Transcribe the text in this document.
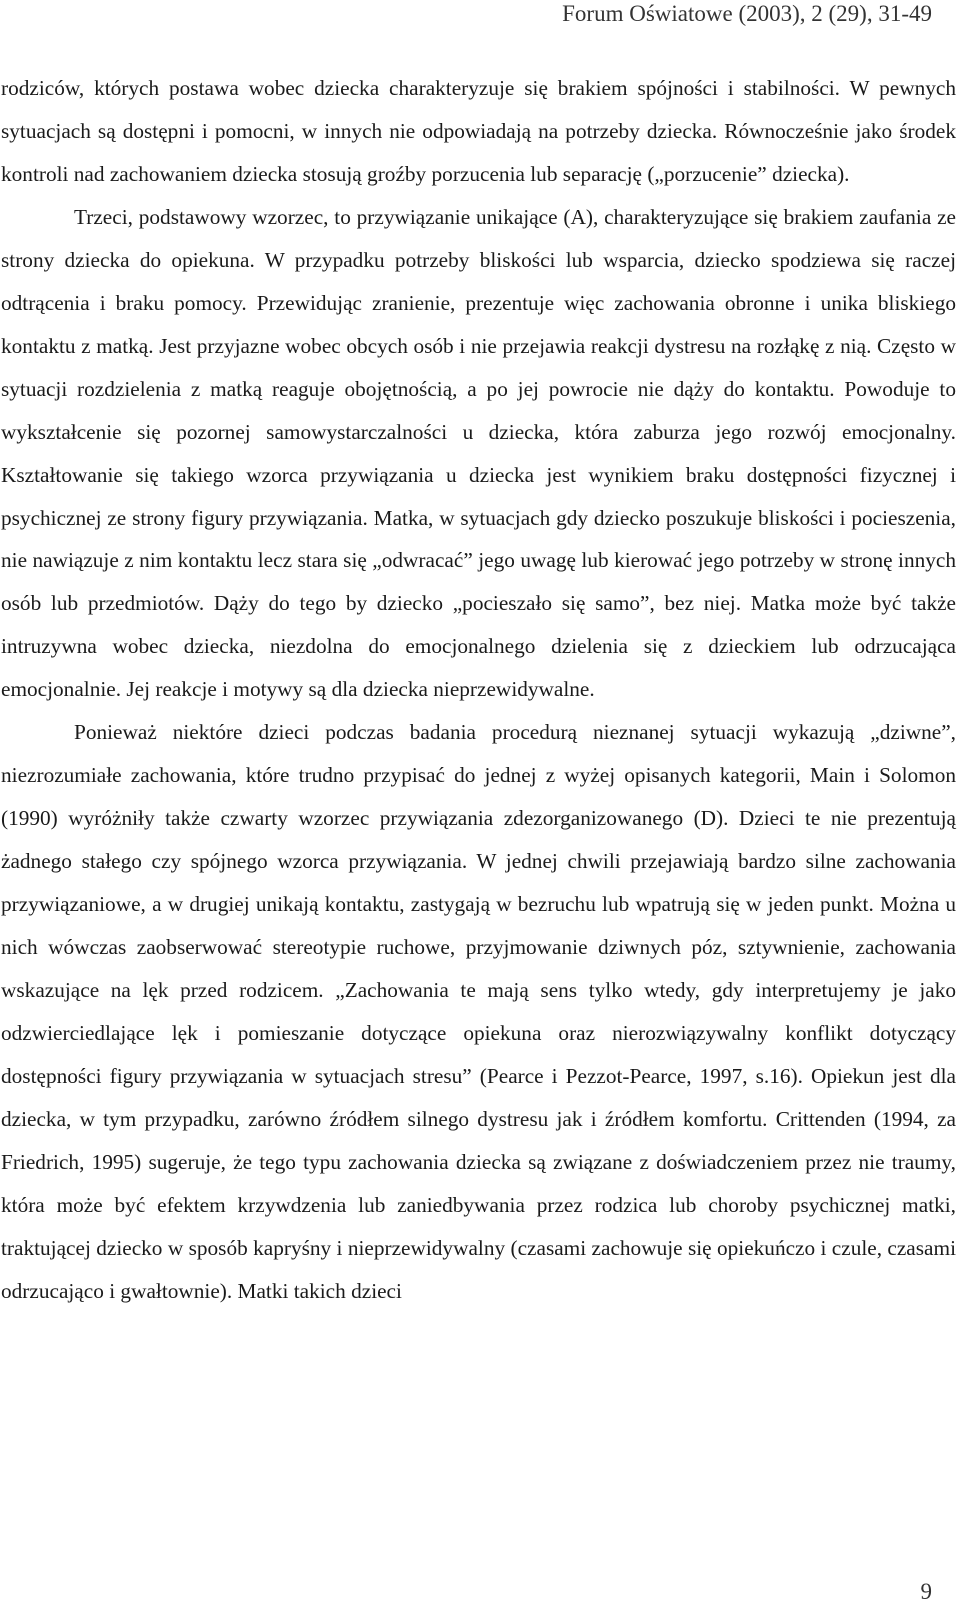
Forum Oświatowe (2003), 2 (29), 31-49

rodziców, których postawa wobec dziecka charakteryzuje się brakiem spójności i stabilności. W pewnych sytuacjach są dostępni i pomocni, w innych nie odpowiadają na potrzeby dziecka. Równocześnie jako środek kontroli nad zachowaniem dziecka stosują groźby porzucenia lub separację („porzucenie” dziecka).

Trzeci, podstawowy wzorzec, to przywiązanie unikające (A), charakteryzujące się brakiem zaufania ze strony dziecka do opiekuna. W przypadku potrzeby bliskości lub wsparcia, dziecko spodziewa się raczej odtrącenia i braku pomocy. Przewidując zranienie, prezentuje więc zachowania obronne i unika bliskiego kontaktu z matką. Jest przyjazne wobec obcych osób i nie przejawia reakcji dystresu na rozłąkę z nią. Często w sytuacji rozdzielenia z matką reaguje obojętnością, a po jej powrocie nie dąży do kontaktu. Powoduje to wykształcenie się pozornej samowystarczalności u dziecka, która zaburza jego rozwój emocjonalny. Kształtowanie się takiego wzorca przywiązania u dziecka jest wynikiem braku dostępności fizycznej i psychicznej ze strony figury przywiązania. Matka, w sytuacjach gdy dziecko poszukuje bliskości i pocieszenia, nie nawiązuje z nim kontaktu lecz stara się „odwracać” jego uwagę lub kierować jego potrzeby w stronę innych osób lub przedmiotów. Dąży do tego by dziecko „pocieszało się samo”, bez niej. Matka może być także intruzywna wobec dziecka, niezdolna do emocjonalnego dzielenia się z dzieckiem lub odrzucająca emocjonalnie. Jej reakcje i motywy są dla dziecka nieprzewidywalne.

Ponieważ niektóre dzieci podczas badania procedurą nieznanej sytuacji wykazują „dziwne”, niezrozumiałe zachowania, które trudno przypisać do jednej z wyżej opisanych kategorii, Main i Solomon (1990) wyróżniły także czwarty wzorzec przywiązania zdezorganizowanego (D). Dzieci te nie prezentują żadnego stałego czy spójnego wzorca przywiązania. W jednej chwili przejawiają bardzo silne zachowania przywiązaniowe, a w drugiej unikają kontaktu, zastygają w bezruchu lub wpatrują się w jeden punkt. Można u nich wówczas zaobserwować stereotypie ruchowe, przyjmowanie dziwnych póz, sztywnienie, zachowania wskazujące na lęk przed rodzicem. „Zachowania te mają sens tylko wtedy, gdy interpretujemy je jako odzwierciedlające lęk i pomieszanie dotyczące opiekuna oraz nierozwiązywalny konflikt dotyczący dostępności figury przywiązania w sytuacjach stresu” (Pearce i Pezzot-Pearce, 1997, s.16). Opiekun jest dla dziecka, w tym przypadku, zarówno źródłem silnego dystresu jak i źródłem komfortu. Crittenden (1994, za Friedrich, 1995) sugeruje, że tego typu zachowania dziecka są związane z doświadczeniem przez nie traumy, która może być efektem krzywdzenia lub zaniedbywania przez rodzica lub choroby psychicznej matki, traktującej dziecko w sposób kapryśny i nieprzewidywalny (czasami zachowuje się opiekuńczo i czule, czasami odrzucająco i gwałtownie). Matki takich dzieci

9
